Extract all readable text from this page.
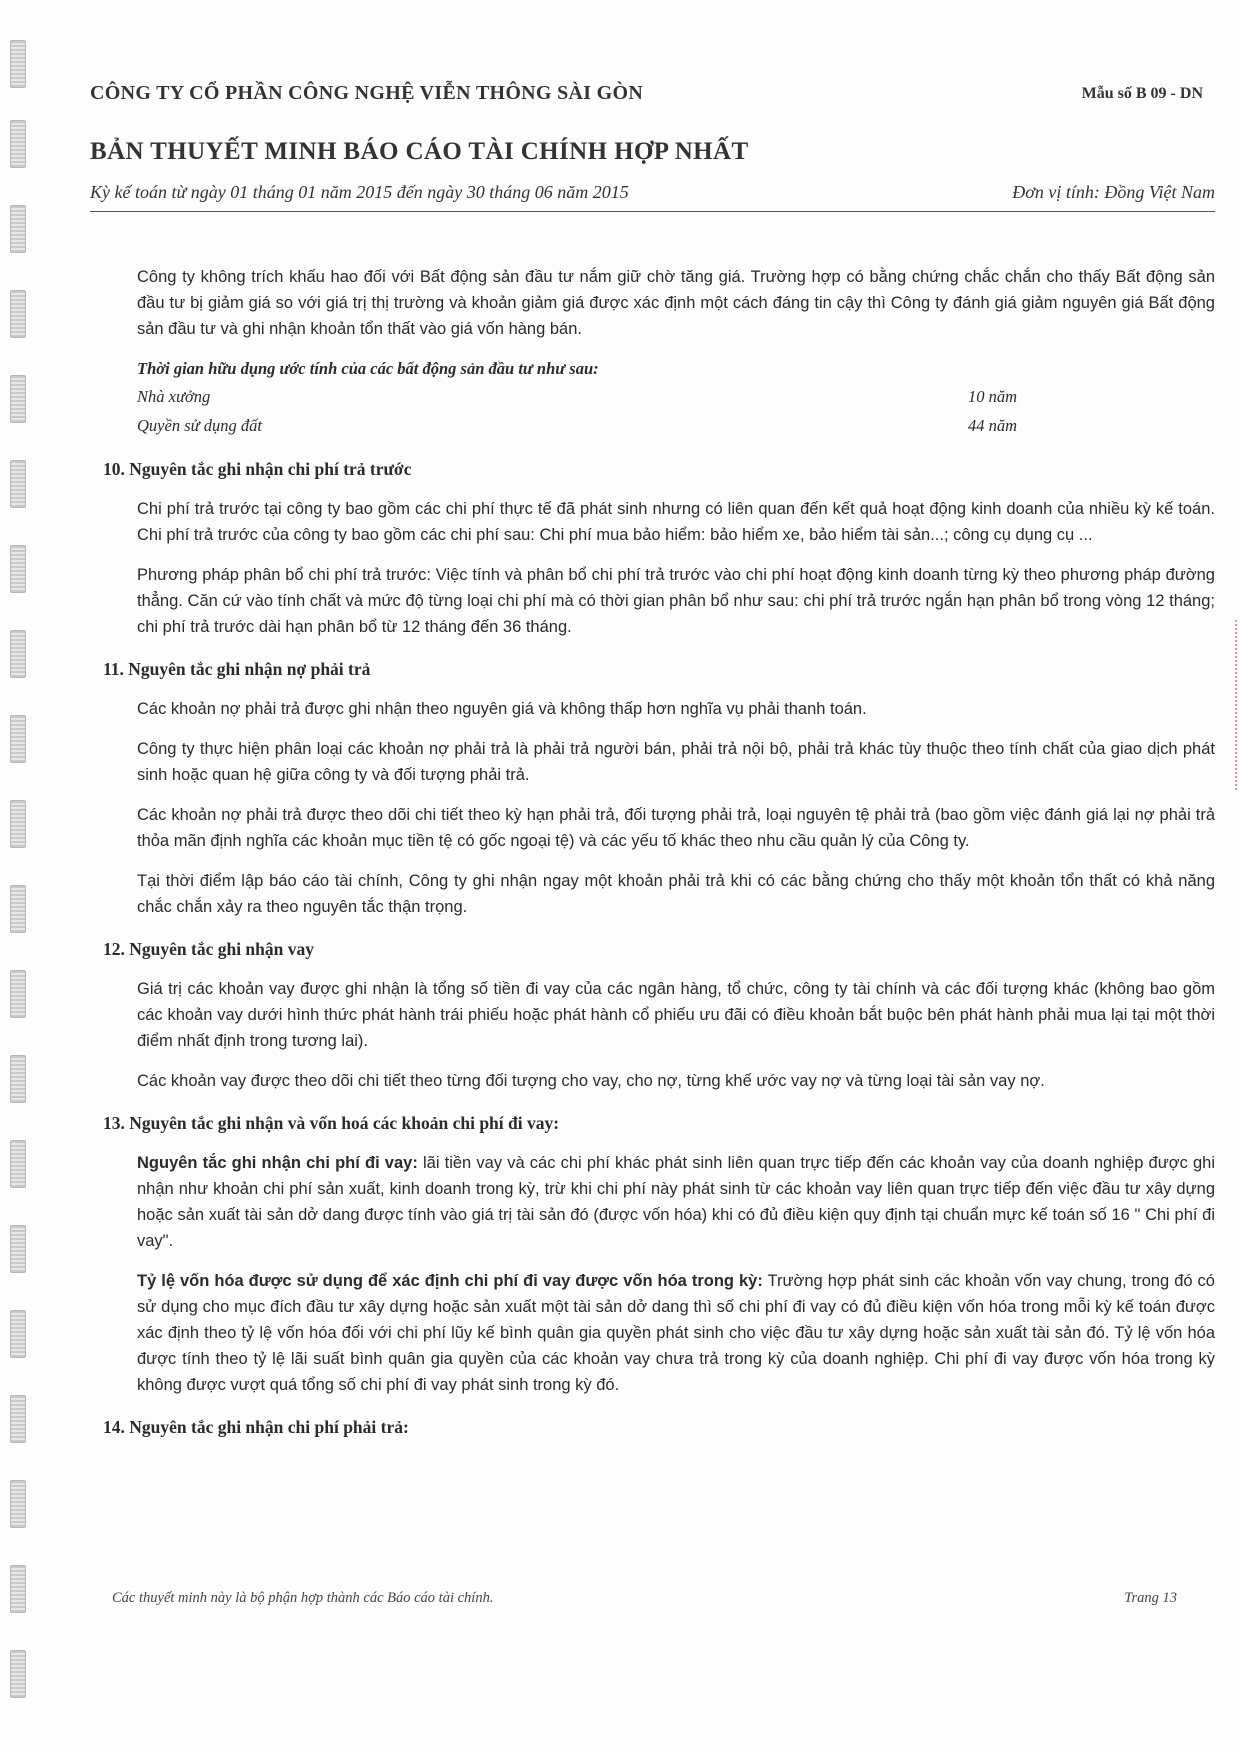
CÔNG TY CỔ PHẦN CÔNG NGHỆ VIỄN THÔNG SÀI GÒN	Mẫu số B 09 - DN
BẢN THUYẾT MINH BÁO CÁO TÀI CHÍNH HỢP NHẤT
Kỳ kế toán từ ngày 01 tháng 01 năm 2015 đến ngày 30 tháng 06 năm 2015	Đơn vị tính: Đồng Việt Nam

Công ty không trích khấu hao đối với Bất động sản đầu tư nắm giữ chờ tăng giá. Trường hợp có bằng chứng chắc chắn cho thấy Bất động sản đầu tư bị giảm giá so với giá trị thị trường và khoản giảm giá được xác định một cách đáng tin cậy thì Công ty đánh giá giảm nguyên giá Bất động sản đầu tư và ghi nhận khoản tổn thất vào giá vốn hàng bán.

Thời gian hữu dụng ước tính của các bất động sản đầu tư như sau:
Nhà xưởng	10 năm
Quyền sử dụng đất	44 năm
10. Nguyên tắc ghi nhận chi phí trả trước

Chi phí trả trước tại công ty bao gồm các chi phí thực tế đã phát sinh nhưng có liên quan đến kết quả hoạt động kinh doanh của nhiều kỳ kế toán. Chi phí trả trước của công ty bao gồm các chi phí sau: Chi phí mua bảo hiểm: bảo hiểm xe, bảo hiểm tài sản...; công cụ dụng cụ ...

Phương pháp phân bổ chi phí trả trước: Việc tính và phân bổ chi phí trả trước vào chi phí hoạt động kinh doanh từng kỳ theo phương pháp đường thẳng. Căn cứ vào tính chất và mức độ từng loại chi phí mà có thời gian phân bổ như sau: chi phí trả trước ngắn hạn phân bổ trong vòng 12 tháng; chi phí trả trước dài hạn phân bổ từ 12 tháng đến 36 tháng.

11. Nguyên tắc ghi nhận nợ phải trả

Các khoản nợ phải trả được ghi nhận theo nguyên giá và không thấp hơn nghĩa vụ phải thanh toán.

Công ty thực hiện phân loại các khoản nợ phải trả là phải trả người bán, phải trả nội bộ, phải trả khác tùy thuộc theo tính chất của giao dịch phát sinh hoặc quan hệ giữa công ty và đối tượng phải trả.

Các khoản nợ phải trả được theo dõi chi tiết theo kỳ hạn phải trả, đối tượng phải trả, loại nguyên tệ phải trả (bao gồm việc đánh giá lại nợ phải trả thỏa mãn định nghĩa các khoản mục tiền tệ có gốc ngoại tệ) và các yếu tố khác theo nhu cầu quản lý của Công ty.

Tại thời điểm lập báo cáo tài chính, Công ty ghi nhận ngay một khoản phải trả khi có các bằng chứng cho thấy một khoản tổn thất có khả năng chắc chắn xảy ra theo nguyên tắc thận trọng.

12. Nguyên tắc ghi nhận vay

Giá trị các khoản vay được ghi nhận là tổng số tiền đi vay của các ngân hàng, tổ chức, công ty tài chính và các đối tượng khác (không bao gồm các khoản vay dưới hình thức phát hành trái phiếu hoặc phát hành cổ phiếu ưu đãi có điều khoản bắt buộc bên phát hành phải mua lại tại một thời điểm nhất định trong tương lai).

Các khoản vay được theo dõi chi tiết theo từng đối tượng cho vay, cho nợ, từng khế ước vay nợ và từng loại tài sản vay nợ.

13. Nguyên tắc ghi nhận và vốn hoá các khoản chi phí đi vay:

Nguyên tắc ghi nhận chi phí đi vay: lãi tiền vay và các chi phí khác phát sinh liên quan trực tiếp đến các khoản vay của doanh nghiệp được ghi nhận như khoản chi phí sản xuất, kinh doanh trong kỳ, trừ khi chi phí này phát sinh từ các khoản vay liên quan trực tiếp đến việc đầu tư xây dựng hoặc sản xuất tài sản dở dang được tính vào giá trị tài sản đó (được vốn hóa) khi có đủ điều kiện quy định tại chuẩn mực kế toán số 16 " Chi phí đi vay".

Tỷ lệ vốn hóa được sử dụng để xác định chi phí đi vay được vốn hóa trong kỳ: Trường hợp phát sinh các khoản vốn vay chung, trong đó có sử dụng cho mục đích đầu tư xây dựng hoặc sản xuất một tài sản dở dang thì số chi phí đi vay có đủ điều kiện vốn hóa trong mỗi kỳ kế toán được xác định theo tỷ lệ vốn hóa đối với chi phí lũy kế bình quân gia quyền phát sinh cho việc đầu tư xây dựng hoặc sản xuất tài sản đó. Tỷ lệ vốn hóa được tính theo tỷ lệ lãi suất bình quân gia quyền của các khoản vay chưa trả trong kỳ của doanh nghiệp. Chi phí đi vay được vốn hóa trong kỳ không được vượt quá tổng số chi phí đi vay phát sinh trong kỳ đó.

14. Nguyên tắc ghi nhận chi phí phải trả:
Các thuyết minh này là bộ phận hợp thành các Báo cáo tài chính.	Trang 13
